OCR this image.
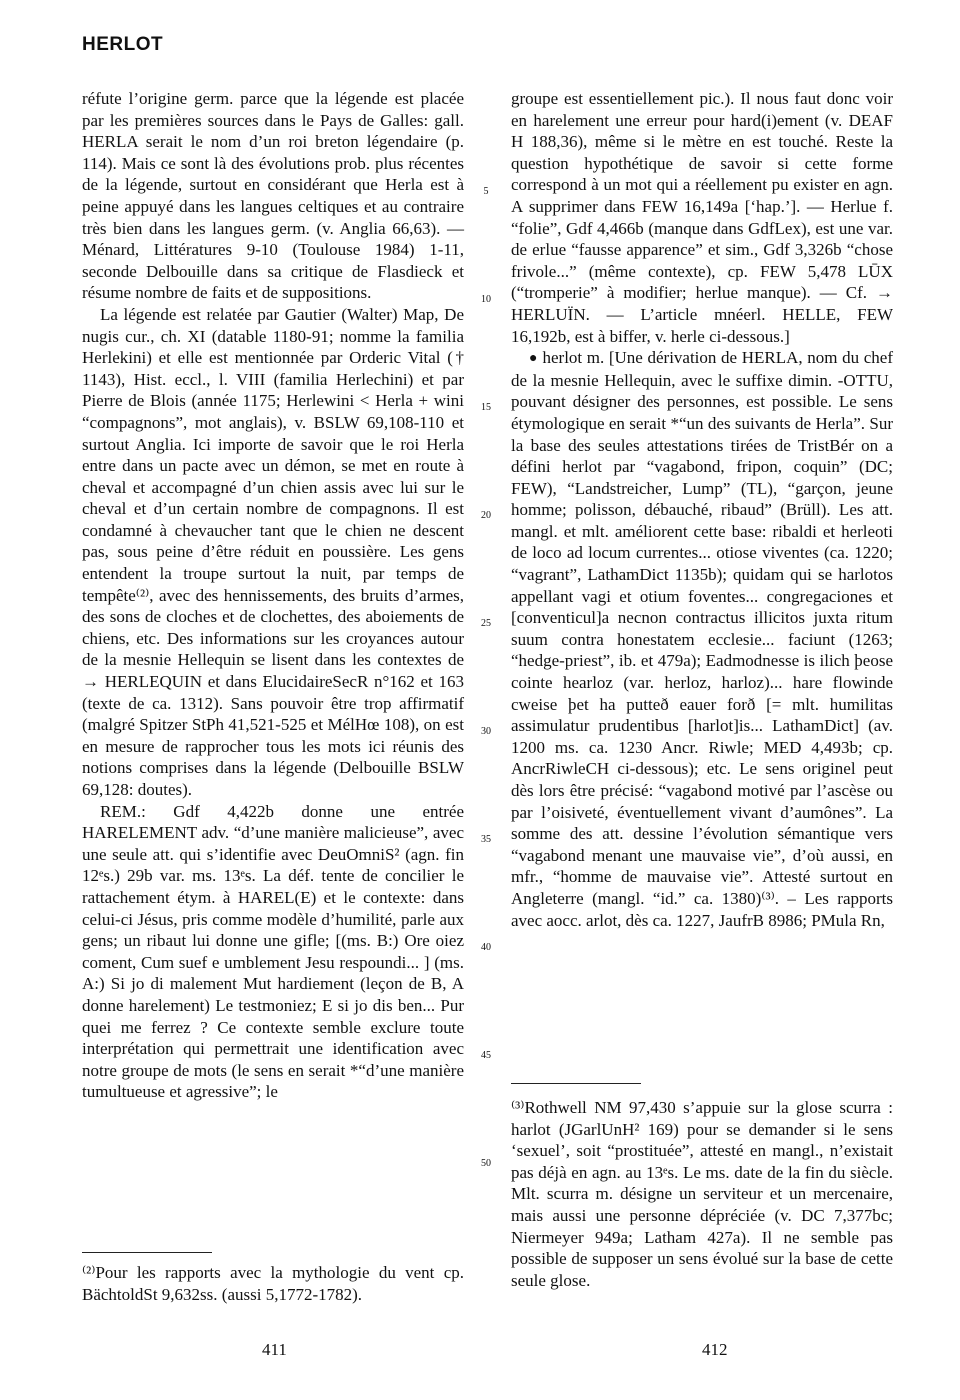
HERLOT

réfute l’origine germ. parce que la légende est placée par les premières sources dans le Pays de Galles: gall. HERLA serait le nom d’un roi breton légendaire (p. 114). Mais ce sont là des évolutions prob. plus récentes de la légende, surtout en considérant que Herla est à peine appuyé dans les langues celtiques et au contraire très bien dans les langues germ. (v. Anglia 66,63). — Ménard, Littératures 9-10 (Toulouse 1984) 1-11, seconde Delbouille dans sa critique de Flasdieck et résume nombre de faits et de suppositions.

La légende est relatée par Gautier (Walter) Map, De nugis cur., ch. XI (datable 1180-91; nomme la familia Herlekini) et elle est mentionnée par Orderic Vital († 1143), Hist. eccl., l. VIII (familia Herlechini) et par Pierre de Blois (année 1175; Herlewini < Herla + wini “compagnons”, mot anglais), v. BSLW 69,108-110 et surtout Anglia. Ici importe de savoir que le roi Herla entre dans un pacte avec un démon, se met en route à cheval et accompagné d’un chien assis avec lui sur le cheval et d’un certain nombre de compagnons. Il est condamné à chevaucher tant que le chien ne descent pas, sous peine d’être réduit en poussière. Les gens entendent la troupe surtout la nuit, par temps de tempête⁽²⁾, avec des hennissements, des bruits d’armes, des sons de cloches et de clochettes, des aboiements de chiens, etc. Des informations sur les croyances autour de la mesnie Hellequin se lisent dans les contextes de → HERLEQUIN et dans ElucidaireSecR n°162 et 163 (texte de ca. 1312). Sans pouvoir être trop affirmatif (malgré Spitzer StPh 41,521-525 et MélHœ 108), on est en mesure de rapprocher tous les mots ici réunis des notions comprises dans la légende (Delbouille BSLW 69,128: doutes).

REM.: Gdf 4,422b donne une entrée HARELEMENT adv. “d’une manière malicieuse”, avec une seule att. qui s’identifie avec DeuOmniS² (agn. fin 12ᵉs.) 29b var. ms. 13ᵉs. La déf. tente de concilier le rattachement étym. à HAREL(E) et le contexte: dans celui-ci Jésus, pris comme modèle d’humilité, parle aux gens; un ribaut lui donne une gifle; [(ms. B:) Ore oiez coment, Cum suef e umblement Jesu respoundi... ] (ms. A:) Si jo di malement Mut hardiement (leçon de B, A donne harelement) Le testmoniez; E si jo dis ben... Pur quei me ferrez ? Ce contexte semble exclure toute interprétation qui permettrait une identification avec notre groupe de mots (le sens en serait *“d’une manière tumultueuse et agressive”; le

5
10
15
20
25
30
35
40
45
50

groupe est essentiellement pic.). Il nous faut donc voir en harelement une erreur pour hard(i)ement (v. DEAF H 188,36), même si le mètre en est touché. Reste la question hypothétique de savoir si cette forme correspond à un mot qui a réellement pu exister en agn. A supprimer dans FEW 16,149a [‘hap.’]. — Herlue f. “folie”, Gdf 4,466b (manque dans GdfLex), est une var. de erlue “fausse apparence” et sim., Gdf 3,326b “chose frivole...” (même contexte), cp. FEW 5,478 LŪX (“tromperie” à modifier; herlue manque). — Cf. → HERLUÏN. — L’article mnéerl. HELLE, FEW 16,192b, est à biffer, v. herle ci-dessous.]

● herlot m. [Une dérivation de HERLA, nom du chef de la mesnie Hellequin, avec le suffixe dimin. -OTTU, pouvant désigner des personnes, est possible. Le sens étymologique en serait *“un des suivants de Herla”. Sur la base des seules attestations tirées de TristBér on a défini herlot par “vagabond, fripon, coquin” (DC; FEW), “Landstreicher, Lump” (TL), “garçon, jeune homme; polisson, débauché, ribaud” (Brüll). Les att. mangl. et mlt. améliorent cette base: ribaldi et herleoti de loco ad locum currentes... otiose viventes (ca. 1220; “vagrant”, LathamDict 1135b); quidam qui se harlotos appellant vagi et otium foventes... congregaciones et [conventicul]a necnon contractus illicitos juxta ritum suum contra honestatem ecclesie... faciunt (1263; “hedge-priest”, ib. et 479a); Eadmodnesse is ilich þeose cointe hearloz (var. herloz, harloz)... hare flowinde cweise þet ha putteð eauer forð [= mlt. humilitas assimulatur prudentibus [harlot]is... LathamDict] (av. 1200 ms. ca. 1230 Ancr. Riwle; MED 4,493b; cp. AncrRiwleCH ci-dessous); etc. Le sens originel peut dès lors être précisé: “vagabond motivé par l’ascèse ou par l’oisiveté, éventuellement vivant d’aumônes”. La somme des att. dessine l’évolution sémantique vers “vagabond menant une mauvaise vie”, d’où aussi, en mfr., “homme de mauvaise vie”. Attesté surtout en Angleterre (mangl. “id.” ca. 1380)⁽³⁾. – Les rapports avec aocc. arlot, dès ca. 1227, JaufrB 8986; PMula Rn,

⁽²⁾Pour les rapports avec la mythologie du vent cp. BächtoldSt 9,632ss. (aussi 5,1772-1782).
⁽³⁾Rothwell NM 97,430 s’appuie sur la glose scurra : harlot (JGarlUnH² 169) pour se demander si le sens ‘sexuel’, soit “prostituée”, attesté en mangl., n’existait pas déjà en agn. au 13ᵉs. Le ms. date de la fin du siècle. Mlt. scurra m. désigne un serviteur et un mercenaire, mais aussi une personne dépréciée (v. DC 7,377bc; Niermeyer 949a; Latham 427a). Il ne semble pas possible de supposer un sens évolué sur la base de cette seule glose.
411	412
